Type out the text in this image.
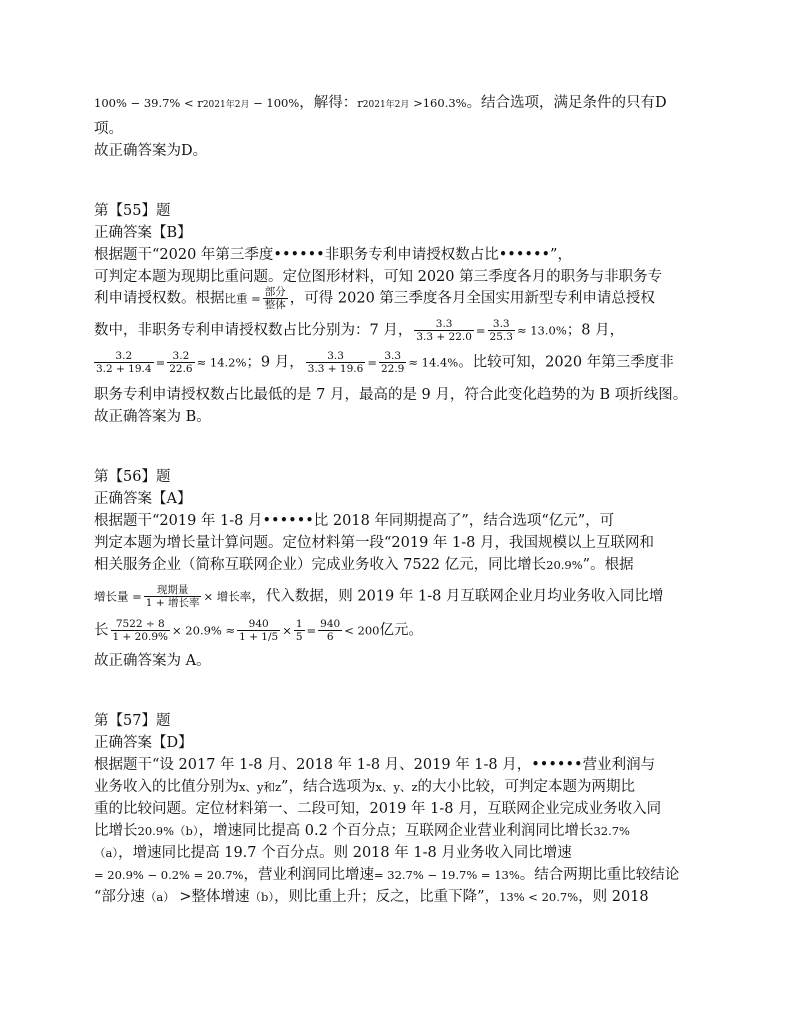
100% − 39.7% < r2021年2月 − 100%，解得：r2021年2月 >160.3%。结合选项，满足条件的只有D
项。
故正确答案为D。
第【55】题
正确答案【B】
根据题干“2020 年第三季度••••••非职务专利申请授权数占比••••••”，
可判定本题为现期比重问题。定位图形材料，可知 2020 第三季度各月的职务与非职务专
利申请授权数。根据比重 = $\frac{\text{部分}}{\text{整体}}$ ，可得 2020 第三季度各月全国实用新型专利申请总授权
数中，非职务专利申请授权数占比分别为：7 月， $\frac{3.3}{3.3 + 22.0} = \frac{3.3}{25.3} \approx 13.0\%$；8 月，
$\frac{3.2}{3.2 + 19.4} = \frac{3.2}{22.6} \approx 14.2\%$；9 月， $\frac{3.3}{3.3 + 19.6} = \frac{3.3}{22.9} \approx 14.4\%$。比较可知，2020 年第三季度非
职务专利申请授权数占比最低的是 7 月，最高的是 9 月，符合此变化趋势的为 B 项折线图。
故正确答案为 B。
第【56】题
正确答案【A】
根据题干“2019 年 1-8 月••••••比 2018 年同期提高了”，结合选项“亿元”，可
判定本题为增长量计算问题。定位材料第一段“2019 年 1-8 月，我国规模以上互联网和
相关服务企业（简称互联网企业）完成业务收入 7522 亿元，同比增长20.9%”。根据
增长量 = $\frac{\text{现期量}}{\text{1 + 增长率}}$ × 增长率，代入数据，则 2019 年 1-8 月互联网企业月均业务收入同比增
长 $\frac{7522 \div 8}{1 + 20.9\%} \times 20.9\% \approx \frac{940}{1 + 1/5} \times \frac{1}{5} = \frac{940}{6} < 200$亿元。
故正确答案为 A。
第【57】题
正确答案【D】
根据题干“设 2017 年 1-8 月、2018 年 1-8 月、2019 年 1-8 月，••••••营业利润与
业务收入的比值分别为x、y和z”，结合选项为x、y、z的大小比较，可判定本题为两期比
重的比较问题。定位材料第一、二段可知，2019 年 1-8 月，互联网企业完成业务收入同
比增长20.9%（b），增速同比提高 0.2 个百分点；互联网企业营业利润同比增长32.7%
（a），增速同比提高 19.7 个百分点。则 2018 年 1-8 月业务收入同比增速
= 20.9% − 0.2% = 20.7%，营业利润同比增速= 32.7% − 19.7% = 13%。结合两期比重比较结论
“部分速（a） >整体增速（b），则比重上升；反之，比重下降”，13% < 20.7%，则 2018
